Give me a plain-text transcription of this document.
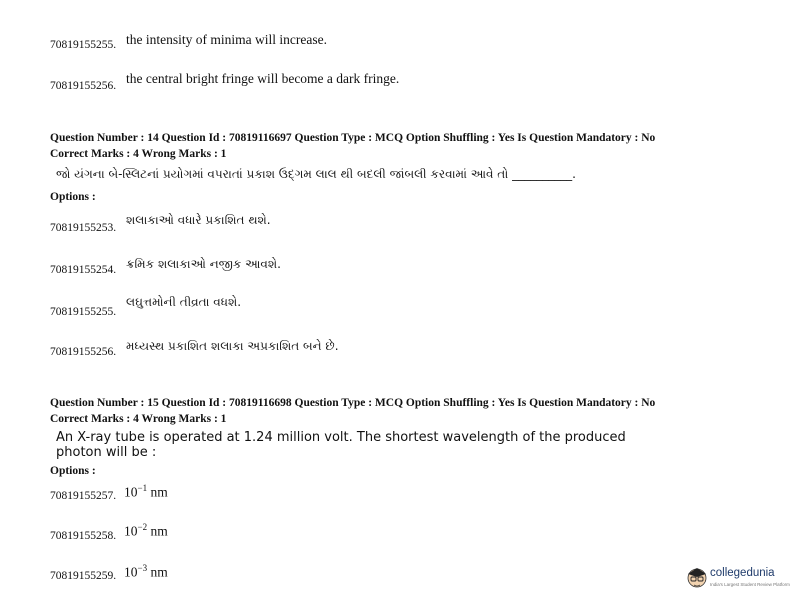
70819155255. the intensity of minima will increase.
70819155256. the central bright fringe will become a dark fringe.
Question Number : 14 Question Id : 70819116697 Question Type : MCQ Option Shuffling : Yes Is Question Mandatory : No
Correct Marks : 4 Wrong Marks : 1
જો યંગના બે-સ્લિટનાં પ્રયોગમાં વપરાતાં પ્રકાશ ઉદ્ગમ લાલ થી બદલી જાંબલી કરવામાં આવે તો __________.
Options :
70819155253.
શલાકાઓ વધારે પ્રકાશિત થશે.
70819155254. ક્રમિક શલાકાઓ નજીક આવશે.
70819155255.
લઘુત્તમોની તીવ્રતા વધશે.
70819155256. મધ્યસ્થ પ્રકાશિત શલાકા અપ્રકાશિત બને છે.
Question Number : 15 Question Id : 70819116698 Question Type : MCQ Option Shuffling : Yes Is Question Mandatory : No
Correct Marks : 4 Wrong Marks : 1
An X-ray tube is operated at 1.24 million volt. The shortest wavelength of the produced
photon will be :
Options :
70819155257. $10^{-1}$ nm
70819155258. $10^{-2}$ nm
70819155259. $10^{-3}$ nm	collegedunia
India's Largest Student Review Platform
